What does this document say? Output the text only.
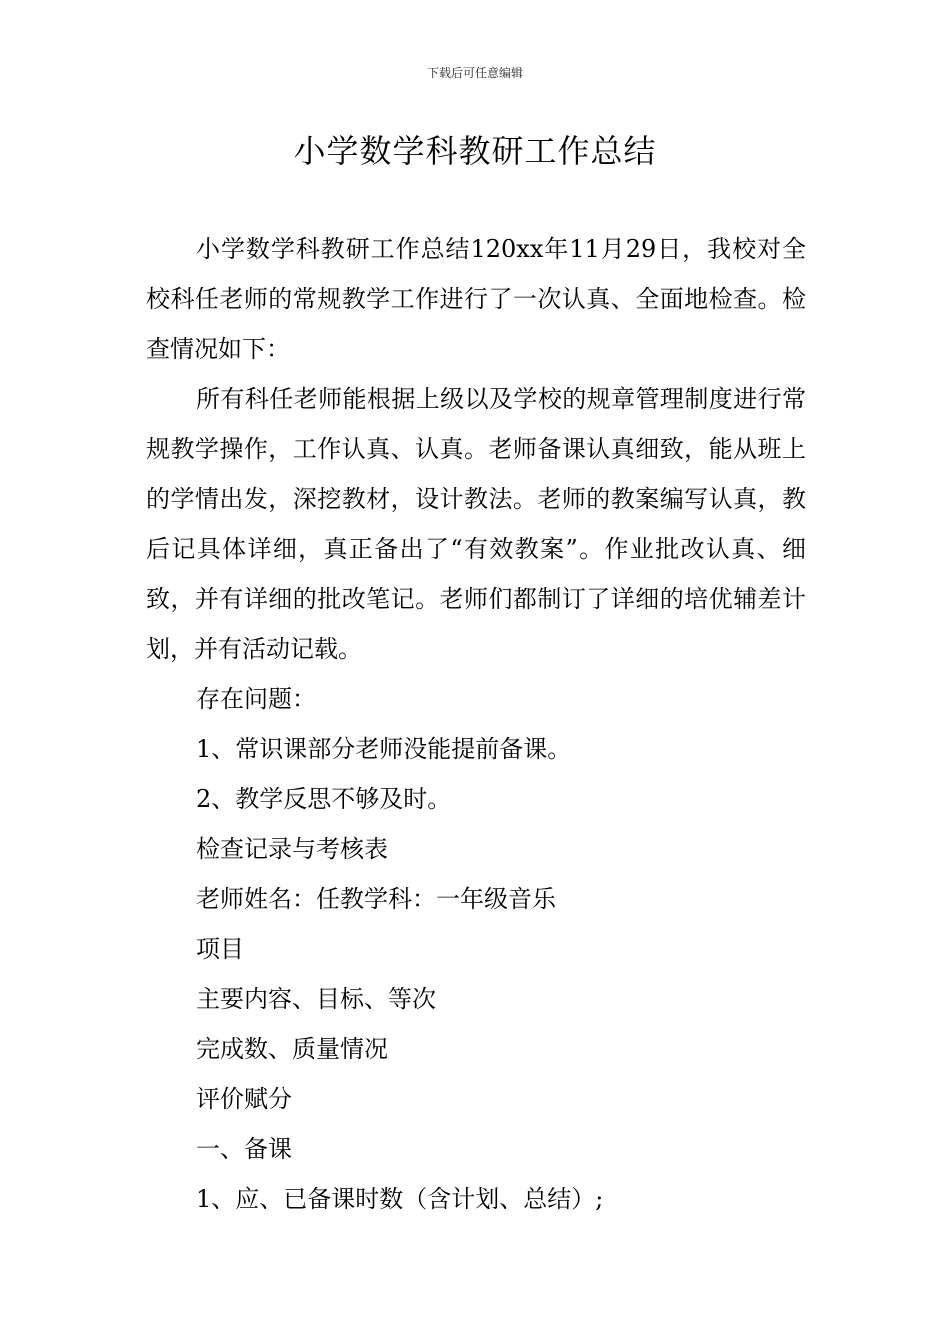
下载后可任意编辑
小学数学科教研工作总结

小学数学科教研工作总结120xx年11月29日，我校对全校科任老师的常规教学工作进行了一次认真、全面地检查。检查情况如下：

所有科任老师能根据上级以及学校的规章管理制度进行常规教学操作，工作认真、认真。老师备课认真细致，能从班上的学情出发，深挖教材，设计教法。老师的教案编写认真，教后记具体详细，真正备出了“有效教案”。作业批改认真、细致，并有详细的批改笔记。老师们都制订了详细的培优辅差计划，并有活动记载。

存在问题：

1、常识课部分老师没能提前备课。

2、教学反思不够及时。

检查记录与考核表

老师姓名：任教学科：一年级音乐

项目

主要内容、目标、等次

完成数、质量情况

评价赋分

一、备课

1、应、已备课时数（含计划、总结）;
